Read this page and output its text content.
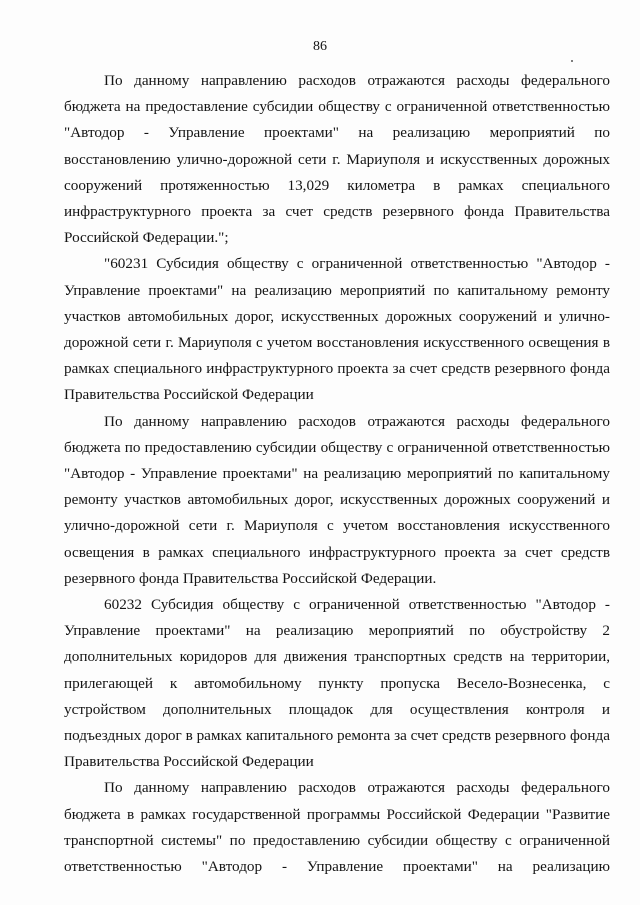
86

По данному направлению расходов отражаются расходы федерального бюджета на предоставление субсидии обществу с ограниченной ответственностью "Автодор - Управление проектами" на реализацию мероприятий по восстановлению улично-дорожной сети г. Мариуполя и искусственных дорожных сооружений протяженностью 13,029 километра в рамках специального инфраструктурного проекта за счет средств резервного фонда Правительства Российской Федерации.";

"60231 Субсидия обществу с ограниченной ответственностью "Автодор - Управление проектами" на реализацию мероприятий по капитальному ремонту участков автомобильных дорог, искусственных дорожных сооружений и улично-дорожной сети г. Мариуполя с учетом восстановления искусственного освещения в рамках специального инфраструктурного проекта за счет средств резервного фонда Правительства Российской Федерации

По данному направлению расходов отражаются расходы федерального бюджета по предоставлению субсидии обществу с ограниченной ответственностью "Автодор - Управление проектами" на реализацию мероприятий по капитальному ремонту участков автомобильных дорог, искусственных дорожных сооружений и улично-дорожной сети г. Мариуполя с учетом восстановления искусственного освещения в рамках специального инфраструктурного проекта за счет средств резервного фонда Правительства Российской Федерации.

60232 Субсидия обществу с ограниченной ответственностью "Автодор - Управление проектами" на реализацию мероприятий по обустройству 2 дополнительных коридоров для движения транспортных средств на территории, прилегающей к автомобильному пункту пропуска Весело-Вознесенка, с устройством дополнительных площадок для осуществления контроля и подъездных дорог в рамках капитального ремонта за счет средств резервного фонда Правительства Российской Федерации

По данному направлению расходов отражаются расходы федерального бюджета в рамках государственной программы Российской Федерации "Развитие транспортной системы" по предоставлению субсидии обществу с ограниченной ответственностью "Автодор - Управление проектами" на реализацию
